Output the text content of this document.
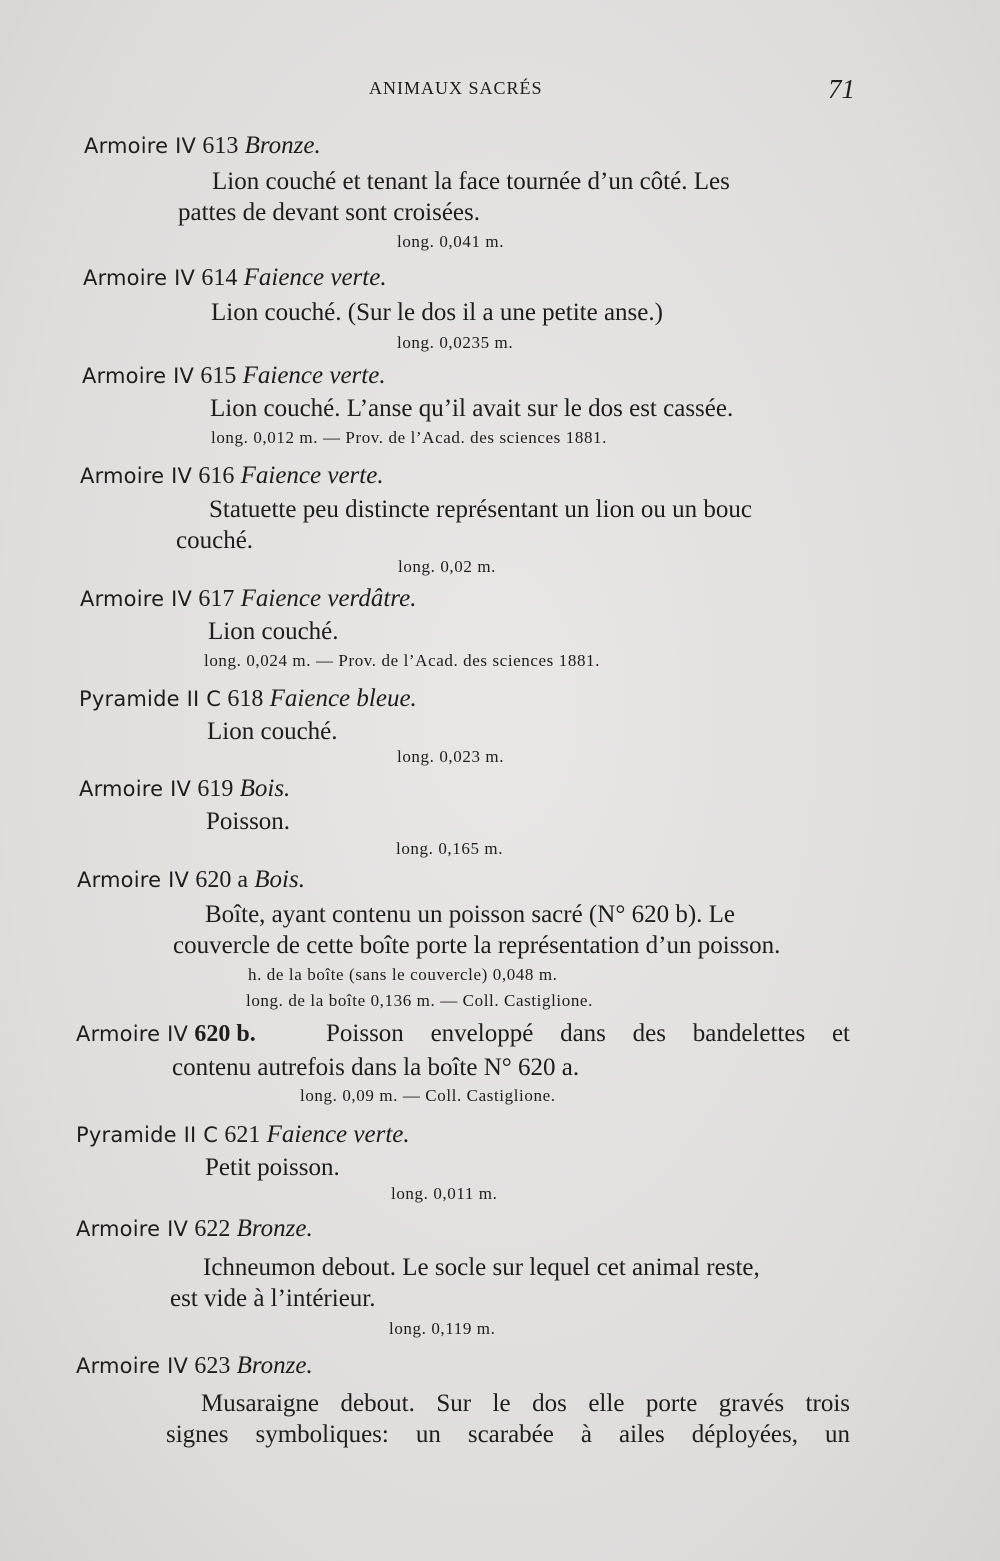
ANIMAUX SACRÉS	71
Armoire IV 613 Bronze.
Lion couché et tenant la face tournée d’un côté. Les
pattes de devant sont croisées.
long. 0,041 m.
Armoire IV 614 Faience verte.
Lion couché. (Sur le dos il a une petite anse.)
long. 0,0235 m.
Armoire IV 615 Faience verte.
Lion couché. L’anse qu’il avait sur le dos est cassée.
long. 0,012 m. — Prov. de l’Acad. des sciences 1881.
Armoire IV 616 Faience verte.
Statuette peu distincte représentant un lion ou un bouc
couché.
long. 0,02 m.
Armoire IV 617 Faience verdâtre.
Lion couché.
long. 0,024 m. — Prov. de l’Acad. des sciences 1881.
Pyramide II C 618 Faience bleue.
Lion couché.
long. 0,023 m.
Armoire IV 619 Bois.
Poisson.
long. 0,165 m.
Armoire IV 620 a Bois.
Boîte, ayant contenu un poisson sacré (N° 620 b). Le
couvercle de cette boîte porte la représentation d’un poisson.
h. de la boîte (sans le couvercle) 0,048 m.
long. de la boîte 0,136 m. — Coll. Castiglione.
Armoire IV 620 b.	Poisson enveloppé dans des bandelettes et
contenu autrefois dans la boîte N° 620 a.
long. 0,09 m. — Coll. Castiglione.
Pyramide II C 621 Faience verte.
Petit poisson.
long. 0,011 m.
Armoire IV 622 Bronze.
Ichneumon debout. Le socle sur lequel cet animal reste,
est vide à l’intérieur.
long. 0,119 m.
Armoire IV 623 Bronze.
Musaraigne debout. Sur le dos elle porte gravés trois
signes symboliques: un scarabée à ailes déployées, un
